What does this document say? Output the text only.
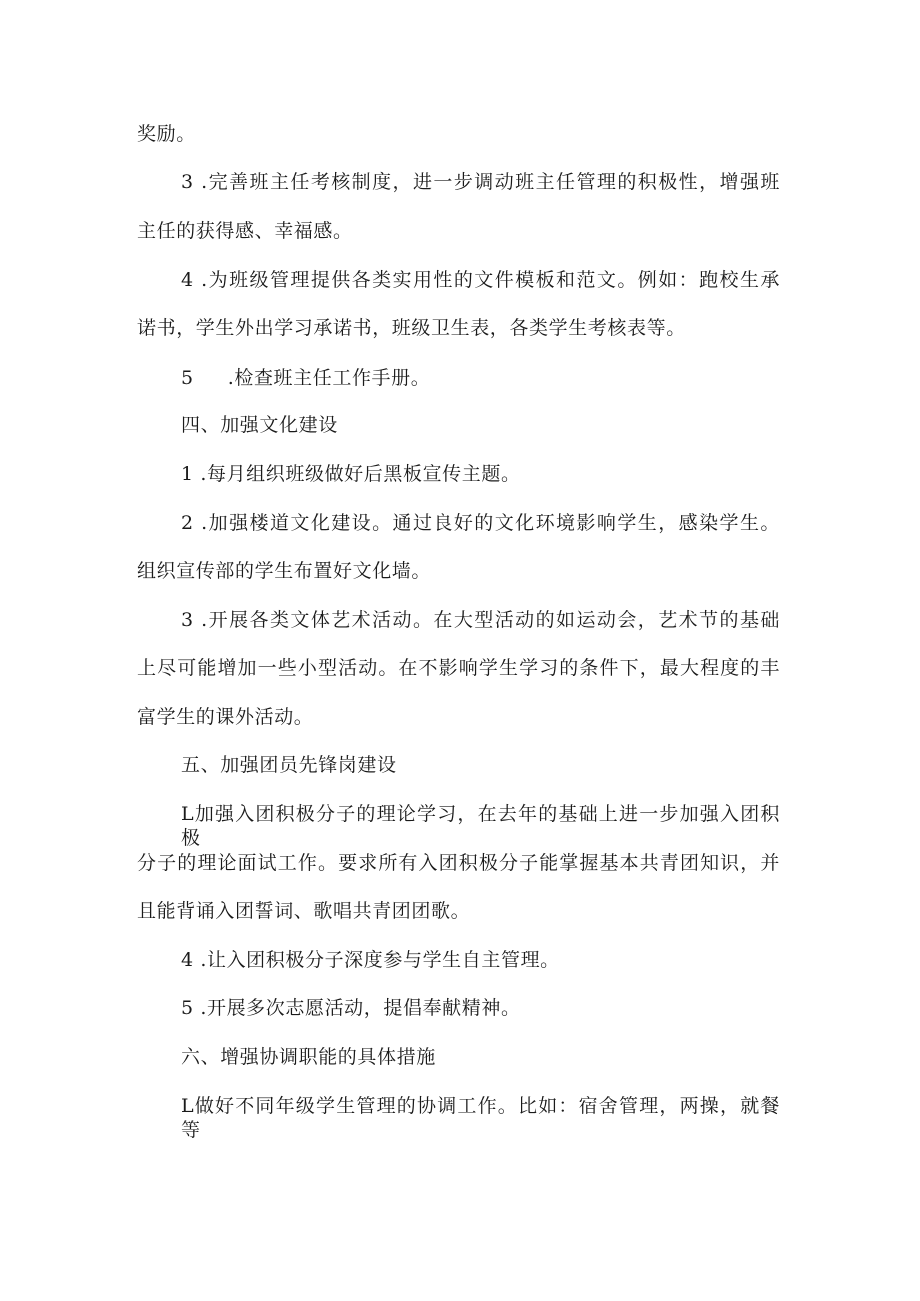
奖励。
3 .完善班主任考核制度，进一步调动班主任管理的积极性，增强班
主任的获得感、幸福感。
4 .为班级管理提供各类实用性的文件模板和范文。例如：跑校生承
诺书，学生外出学习承诺书，班级卫生表，各类学生考核表等。
5 .检查班主任工作手册。
四、加强文化建设
1 .每月组织班级做好后黑板宣传主题。
2 .加强楼道文化建设。通过良好的文化环境影响学生，感染学生。
组织宣传部的学生布置好文化墙。
3 .开展各类文体艺术活动。在大型活动的如运动会，艺术节的基础
上尽可能增加一些小型活动。在不影响学生学习的条件下，最大程度的丰
富学生的课外活动。
五、加强团员先锋岗建设
L加强入团积极分子的理论学习，在去年的基础上进一步加强入团积极
分子的理论面试工作。要求所有入团积极分子能掌握基本共青团知识，并
且能背诵入团誓词、歌唱共青团团歌。
4 .让入团积极分子深度参与学生自主管理。
5 .开展多次志愿活动，提倡奉献精神。
六、增强协调职能的具体措施
L做好不同年级学生管理的协调工作。比如：宿舍管理，两操，就餐等
